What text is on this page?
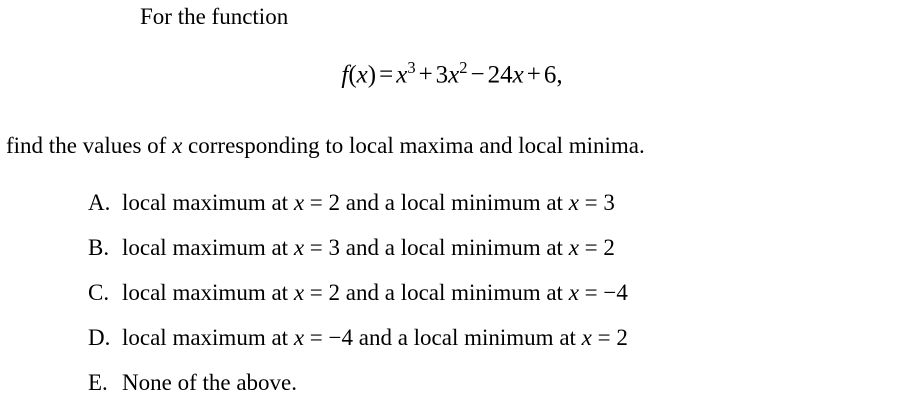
For the function
$f(x) = x^3 + 3x^2 - 24x + 6$,
find the values of x corresponding to local maxima and local minima.
A. local maximum at x = 2 and a local minimum at x = 3
B. local maximum at x = 3 and a local minimum at x = 2
C. local maximum at x = 2 and a local minimum at x = −4
D. local maximum at x = −4 and a local minimum at x = 2
E. None of the above.
